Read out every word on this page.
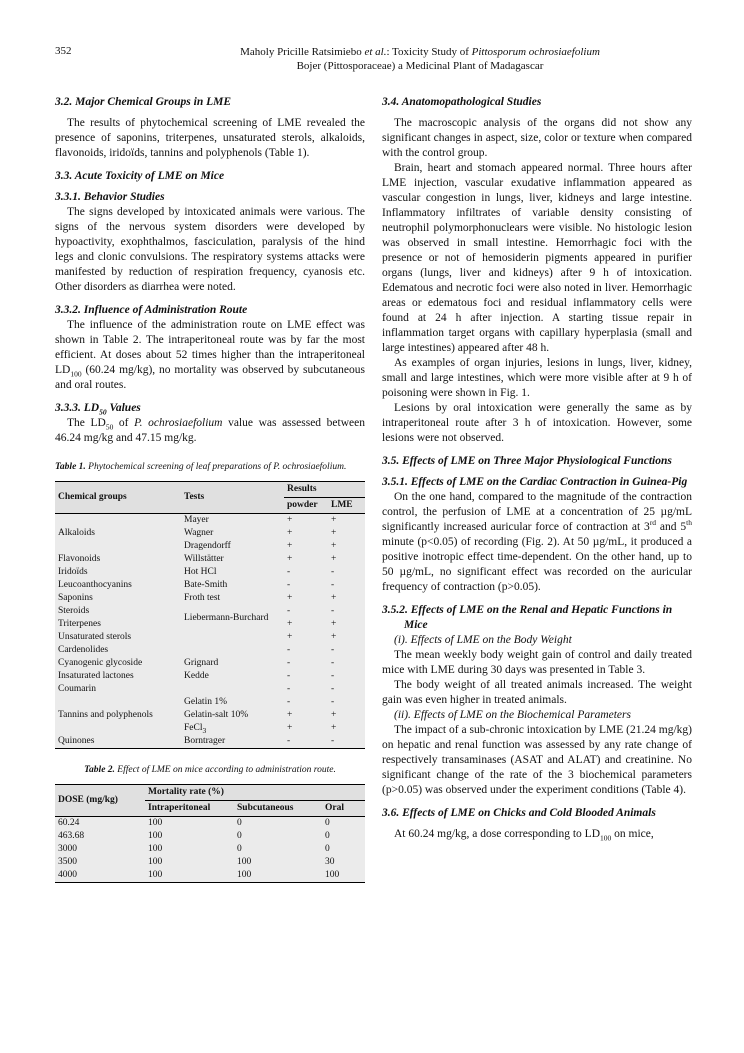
352	Maholy Pricille Ratsimiebo et al.: Toxicity Study of Pittosporum ochrosiaefolium
Bojer (Pittosporaceae) a Medicinal Plant of Madagascar
3.2. Major Chemical Groups in LME

The results of phytochemical screening of LME revealed the presence of saponins, triterpenes, unsaturated sterols, alkaloids, flavonoids, iridoïds, tannins and polyphenols (Table 1).

3.3. Acute Toxicity of LME on Mice
3.3.1. Behavior Studies

The signs developed by intoxicated animals were various. The signs of the nervous system disorders were developed by hypoactivity, exophthalmos, fasciculation, paralysis of the hind legs and clonic convulsions. The respiratory systems attacks were manifested by reduction of respiration frequency, cyanosis etc. Other disorders as diarrhea were noted.

3.3.2. Influence of Administration Route

The influence of the administration route on LME effect was shown in Table 2. The intraperitoneal route was by far the most efficient. At doses about 52 times higher than the intraperitoneal $LD_{100}$ (60.24 mg/kg), no mortality was observed by subcutaneous and oral routes.

3.3.3. $LD_{50}$ Values

The $LD_{50}$ of P. ochrosiaefolium value was assessed between 46.24 mg/kg and 47.15 mg/kg.

Table 1. Phytochemical screening of leaf preparations of P. ochrosiaefolium.
Chemical groups	Tests	Results	
		powder	LME
Alkaloids	Mayer	+	+
	Wagner	+	+
	Dragendorff	+	+
Flavonoids	Willstätter	+	+
Iridoïds	Hot HCl	-	-
Leucoanthocyanins	Bate-Smith	-	-
Saponins	Froth test	+	+
Steroids	Liebermann-Burchard	-	-
Triterpenes		+	+
Unsaturated sterols		+	+
Cardenolides		-	-
Cyanogenic glycoside	Grignard	-	-
Insaturated lactones	Kedde	-	-
Coumarin		-	-
Tannins and polyphenols	Gelatin 1%	-	-
	Gelatin-salt 10%	+	+
	FeCl$_3$	+	+
Quinones	Borntrager	-	-
Table 2. Effect of LME on mice according to administration route.
DOSE (mg/kg)	Mortality rate (%)		
	Intraperitoneal	Subcutaneous	Oral
60.24	100	0	0
463.68	100	0	0
3000	100	0	0
3500	100	100	30
4000	100	100	100
3.4. Anatomopathological Studies

The macroscopic analysis of the organs did not show any significant changes in aspect, size, color or texture when compared with the control group.

Brain, heart and stomach appeared normal. Three hours after LME injection, vascular exudative inflammation appeared as vascular congestion in lungs, liver, kidneys and large intestine. Inflammatory infiltrates of variable density consisting of neutrophil polymorphonuclears were visible. No histologic lesion was observed in small intestine. Hemorrhagic foci with the presence or not of hemosiderin pigments appeared in purifier organs (lungs, liver and kidneys) after 9 h of intoxication. Edematous and necrotic foci were also noted in liver. Hemorrhagic areas or edematous foci and residual inflammatory cells were found at 24 h after injection. A starting tissue repair in inflammation target organs with capillary hyperplasia (small and large intestines) appeared after 48 h.

As examples of organ injuries, lesions in lungs, liver, kidney, small and large intestines, which were more visible after at 9 h of poisoning were shown in Fig. 1.

Lesions by oral intoxication were generally the same as by intraperitoneal route after 3 h of intoxication. However, some lesions were not observed.

3.5. Effects of LME on Three Major Physiological Functions
3.5.1. Effects of LME on the Cardiac Contraction in Guinea-Pig

On the one hand, compared to the magnitude of the contraction control, the perfusion of LME at a concentration of 25 µg/mL significantly increased auricular force of contraction at 3rd and 5th minute (p<0.05) of recording (Fig. 2). At 50 µg/mL, it produced a positive inotropic effect time-dependent. On the other hand, up to 50 µg/mL, no significant effect was recorded on the auricular frequency of contraction (p>0.05).

3.5.2. Effects of LME on the Renal and Hepatic Functions in Mice
(i). Effects of LME on the Body Weight

The mean weekly body weight gain of control and daily treated mice with LME during 30 days was presented in Table 3.

The body weight of all treated animals increased. The weight gain was even higher in treated animals.

(ii). Effects of LME on the Biochemical Parameters

The impact of a sub-chronic intoxication by LME (21.24 mg/kg) on hepatic and renal function was assessed by any rate change of respectively transaminases (ASAT and ALAT) and creatinine. No significant change of the rate of the 3 biochemical parameters (p>0.05) was observed under the experiment conditions (Table 4).

3.6. Effects of LME on Chicks and Cold Blooded Animals

At 60.24 mg/kg, a dose corresponding to $LD_{100}$ on mice,
